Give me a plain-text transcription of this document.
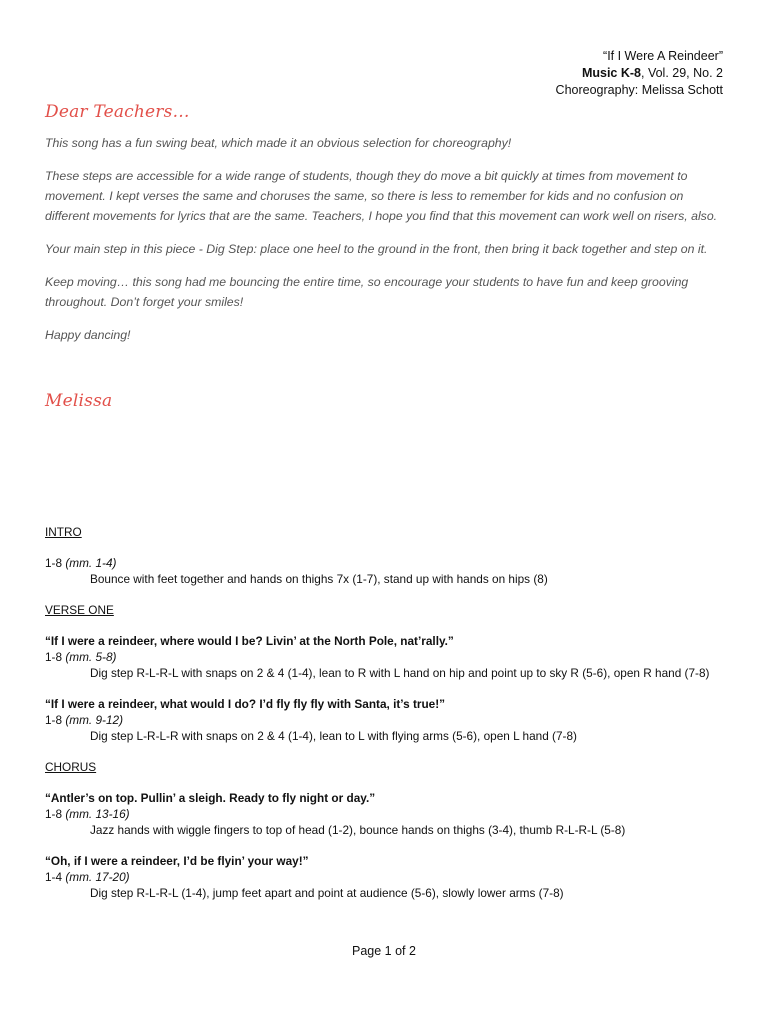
“If I Were A Reindeer”
Music K-8, Vol. 29, No. 2
Choreography: Melissa Schott
Dear Teachers…

This song has a fun swing beat, which made it an obvious selection for choreography!

These steps are accessible for a wide range of students, though they do move a bit quickly at times from movement to movement. I kept verses the same and choruses the same, so there is less to remember for kids and no confusion on different movements for lyrics that are the same. Teachers, I hope you find that this movement can work well on risers, also.

Your main step in this piece - Dig Step: place one heel to the ground in the front, then bring it back together and step on it.

Keep moving… this song had me bouncing the entire time, so encourage your students to have fun and keep grooving throughout. Don’t forget your smiles!

Happy dancing!

Melissa
INTRO
1-8 (mm. 1-4)
Bounce with feet together and hands on thighs 7x (1-7), stand up with hands on hips (8)
VERSE ONE
“If I were a reindeer, where would I be? Livin’ at the North Pole, nat’rally.”
1-8 (mm. 5-8)
Dig step R-L-R-L with snaps on 2 & 4 (1-4), lean to R with L hand on hip and point up to sky R (5-6), open R hand (7-8)
“If I were a reindeer, what would I do? I’d fly fly fly with Santa, it’s true!”
1-8 (mm. 9-12)
Dig step L-R-L-R with snaps on 2 & 4 (1-4), lean to L with flying arms (5-6), open L hand (7-8)
CHORUS
“Antler’s on top. Pullin’ a sleigh. Ready to fly night or day.”
1-8 (mm. 13-16)
Jazz hands with wiggle fingers to top of head (1-2), bounce hands on thighs (3-4), thumb R-L-R-L (5-8)
“Oh, if I were a reindeer, I’d be flyin’ your way!”
1-4 (mm. 17-20)
Dig step R-L-R-L (1-4), jump feet apart and point at audience (5-6), slowly lower arms (7-8)
Page 1 of 2
